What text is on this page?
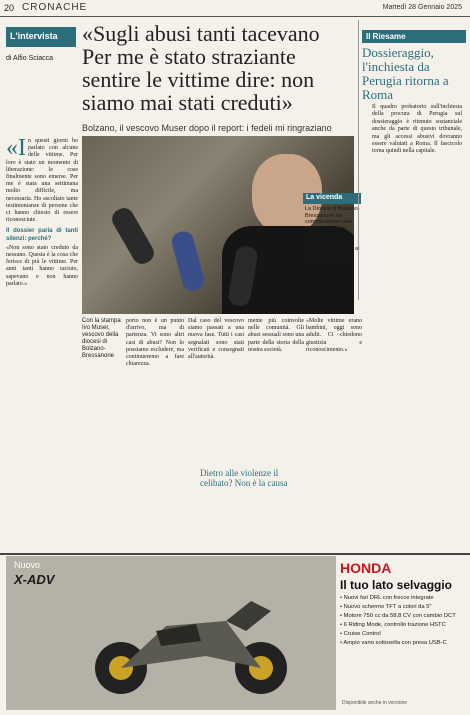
20 CRONACHE	Martedì 28 Gennaio 2025
L'intervista
di Alfio Sciacca
«Sugli abusi tanti tacevano Per me è stato straziante sentire le vittime dire: non siamo mai stati creduti»
Bolzano, il vescovo Muser dopo il report: i fedeli mi ringraziano
Con la stampa Ivo Muser, vescovo della diocesi di Bolzano-Bressanone
«In questi giorni ho parlato con alcune delle vittime. Per loro è stato un momento di liberazione: le cose finalmente sono emerse. Per me è stata una settimana molto difficile, ma necessaria. Ho ascoltato tante testimonianze di persone che ci hanno chiesto di essere riconosciute.

Il dossier parla di tanti silenzi: perché?

«Non sono stato creduto da nessuno. Questa è la cosa che ferisce di più le vittime. Per anni tanti hanno taciuto, sapevano e non hanno parlato.»
porto non è un punto d'arrivo, ma di partenza. Vi sono altri casi di abusi? Non lo possiamo escludere, ma continueremo a fare chiarezza.
Dal caso del vescovo siamo passati a una nuova fase. Tutti i casi segnalati sono stati verificati e consegnati all'autorità.
mente più coinvolte nelle comunità. Gli abusi sessuali sono una parte della storia della nostra società.
«Molte vittime erano bambini, oggi sono adulti. Ci chiedono giustizia e riconoscimento.»
Dietro alle violenze il celibato? Non è la causa
La vicenda
La Diocesi di Bolzano-Bressanone ha commissionato allo studio Westpfahl Spilker Wastl di Monaco un'indagine sugli abusi dal 1964 al 2023. Le vittime accertate sono 75.
Il Riesame
Dossieraggio, l'inchiesta da Perugia ritorna a Roma
Il quadro probatorio sull'inchiesta della procura di Perugia sul dossieraggio è ritenuto sostanziale anche da parte di questo tribunale, ma gli accessi abusivi dovranno essere valutati a Roma. Il fascicolo torna quindi nella capitale.
Nuovo
X-ADV
HONDA
Il tuo lato selvaggio
• Nuovi fari DRL con frecce integrate
• Nuovo schermo TFT a colori da 5"
• Motore 750 cc da 58,8 CV con cambio DCT
• 6 Riding Mode, controllo trazione HSTC
• Cruise Control
• Ampio vano sottosella con presa USB-C
Disponibile anche in versione
